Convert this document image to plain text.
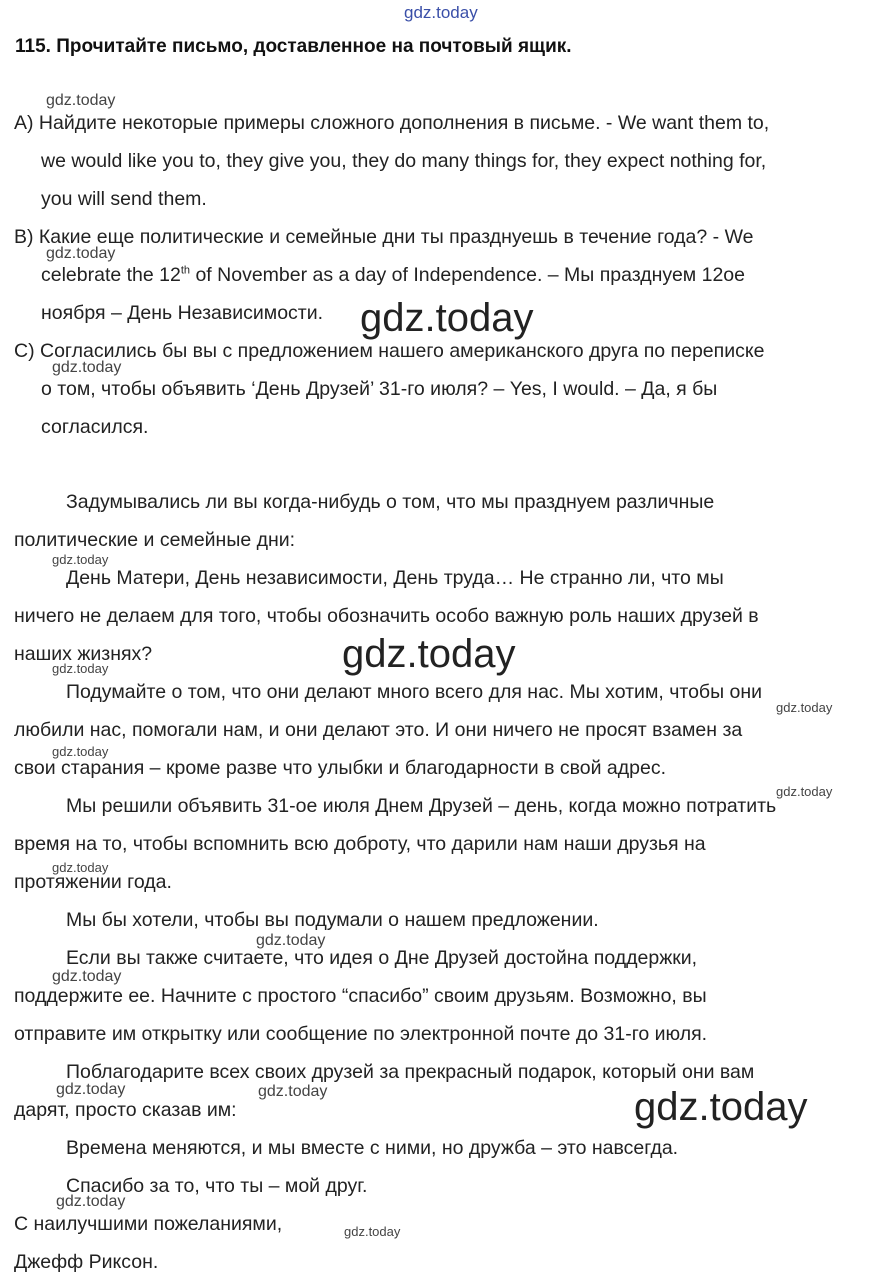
gdz.today
gdz.today
gdz.today
gdz.today
gdz.today
gdz.today
gdz.today
gdz.today
gdz.today
gdz.today
gdz.today
gdz.today
gdz.today
gdz.today
gdz.today	gdz.today	gdz.today
gdz.today
gdz.today
115. Прочитайте письмо, доставленное на почтовый ящик.
A) Найдите некоторые примеры сложного дополнения в письме. - We want them to,
we would like you to, they give you, they do many things for, they expect nothing for,
you will send them.
B) Какие еще политические и семейные дни ты празднуешь в течение года? - We
celebrate the 12th of November as a day of Independence. – Мы празднуем 12ое
ноября – День Независимости.
C) Согласились бы вы с предложением нашего американского друга по переписке
о том, чтобы объявить ‘День Друзей’ 31-го июля? – Yes, I would. – Да, я бы
согласился.
Задумывались ли вы когда-нибудь о том, что мы празднуем различные
политические и семейные дни:
День Матери, День независимости, День труда… Не странно ли, что мы
ничего не делаем для того, чтобы обозначить особо важную роль наших друзей в
наших жизнях?
Подумайте о том, что они делают много всего для нас. Мы хотим, чтобы они
любили нас, помогали нам, и они делают это. И они ничего не просят взамен за
свои старания – кроме разве что улыбки и благодарности в свой адрес.
Мы решили объявить 31-ое июля Днем Друзей – день, когда можно потратить
время на то, чтобы вспомнить всю доброту, что дарили нам наши друзья на
протяжении года.
Мы бы хотели, чтобы вы подумали о нашем предложении.
Если вы также считаете, что идея о Дне Друзей достойна поддержки,
поддержите ее. Начните с простого “спасибо” своим друзьям. Возможно, вы
отправите им открытку или сообщение по электронной почте до 31-го июля.
Поблагодарите всех своих друзей за прекрасный подарок, который они вам
дарят, просто сказав им:
Времена меняются, и мы вместе с ними, но дружба – это навсегда.
Спасибо за то, что ты – мой друг.
С наилучшими пожеланиями,
Джефф Риксон.
